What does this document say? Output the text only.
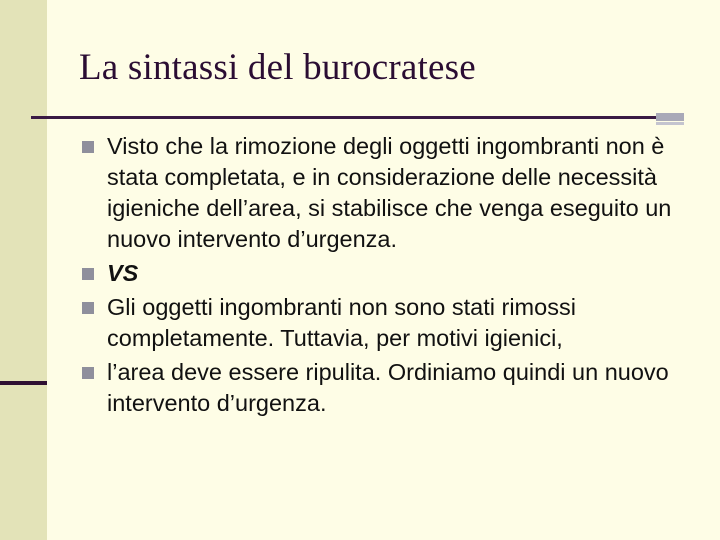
La sintassi del burocratese
Visto che la rimozione degli oggetti ingombranti non è stata completata, e in considerazione delle necessità igieniche dell’area, si stabilisce che venga eseguito un nuovo intervento d’urgenza.
VS
Gli oggetti ingombranti non sono stati rimossi completamente. Tuttavia, per motivi igienici,
l’area deve essere ripulita. Ordiniamo quindi un nuovo intervento d’urgenza.
